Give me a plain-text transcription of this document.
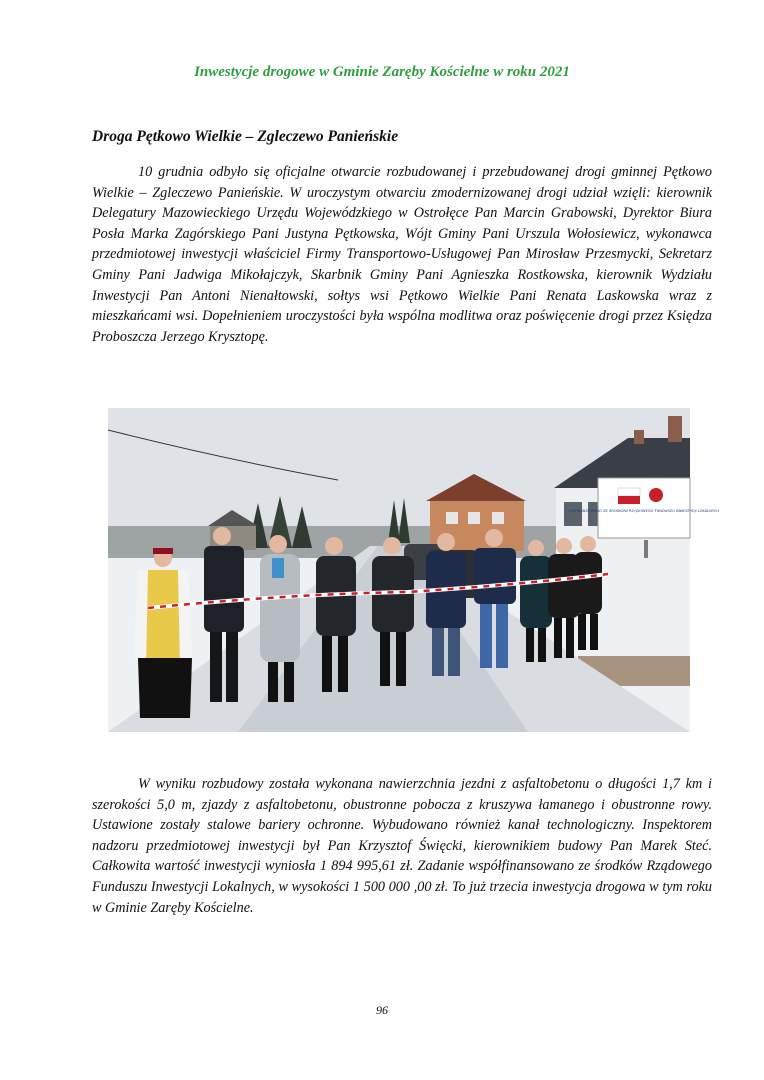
Inwestycje drogowe w Gminie Zaręby Kościelne w roku 2021
Droga Pętkowo Wielkie – Zgleczewo Panieńskie
10 grudnia odbyło się oficjalne otwarcie rozbudowanej i przebudowanej drogi gminnej Pętkowo Wielkie – Zgleczewo Panieńskie. W uroczystym otwarciu zmodernizowanej drogi udział wzięli: kierownik Delegatury Mazowieckiego Urzędu Wojewódzkiego w Ostrołęce Pan Marcin Grabowski, Dyrektor Biura Posła Marka Zagórskiego Pani Justyna Pętkowska, Wójt Gminy Pani Urszula Wołosiewicz, wykonawca przedmiotowej inwestycji właściciel Firmy Transportowo-Usługowej Pan Mirosław Przesmycki, Sekretarz Gminy Pani Jadwiga Mikołajczyk, Skarbnik Gminy Pani Agnieszka Rostkowska, kierownik Wydziału Inwestycji Pan Antoni Nienałtowski, sołtys wsi Pętkowo Wielkie Pani Renata Laskowska wraz z mieszkańcami wsi. Dopełnieniem uroczystości była wspólna modlitwa oraz poświęcenie drogi przez Księdza Proboszcza Jerzego Krysztopę.
DOFINANSOWANO ZE ŚRODKÓW RZĄDOWEGO FUNDUSZU INWESTYCJI LOKALNYCH
W wyniku rozbudowy została wykonana nawierzchnia jezdni z asfaltobetonu o długości 1,7 km i szerokości 5,0 m, zjazdy z asfaltobetonu, obustronne pobocza z kruszywa łamanego i obustronne rowy. Ustawione zostały stalowe bariery ochronne. Wybudowano również kanał technologiczny. Inspektorem nadzoru przedmiotowej inwestycji był Pan Krzysztof Święcki, kierownikiem budowy Pan Marek Steć. Całkowita wartość inwestycji wyniosła 1 894 995,61 zł. Zadanie współfinansowano ze środków Rządowego Funduszu Inwestycji Lokalnych, w wysokości 1 500 000 ,00 zł. To już trzecia inwestycja drogowa w tym roku w Gminie Zaręby Kościelne.
96
